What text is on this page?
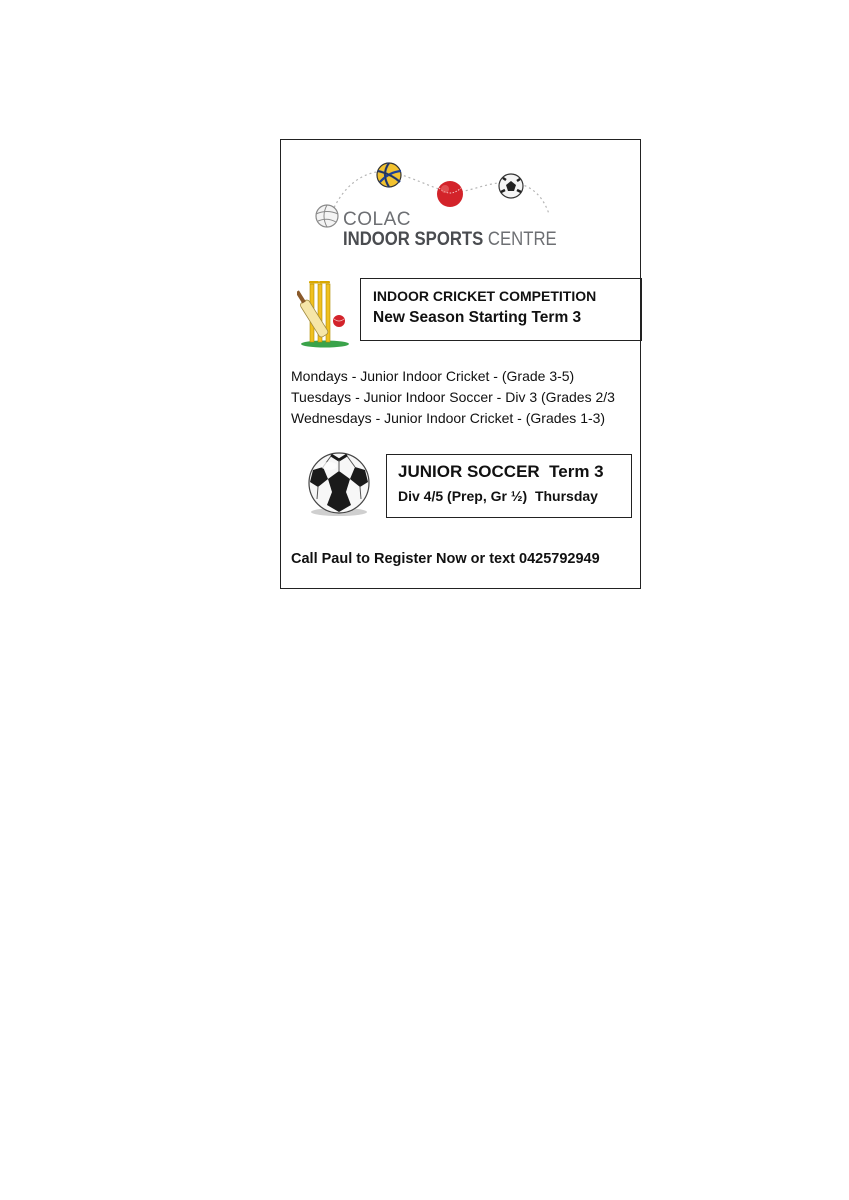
COLAC
INDOOR SPORTS CENTRE
INDOOR CRICKET COMPETITION
New Season Starting Term 3
Mondays - Junior Indoor Cricket - (Grade 3-5)
Tuesdays - Junior Indoor Soccer - Div 3 (Grades 2/3
Wednesdays - Junior Indoor Cricket - (Grades 1-3)
JUNIOR SOCCER  Term 3
Div 4/5 (Prep, Gr ½)  Thursday
Call Paul to Register Now or text 0425792949
